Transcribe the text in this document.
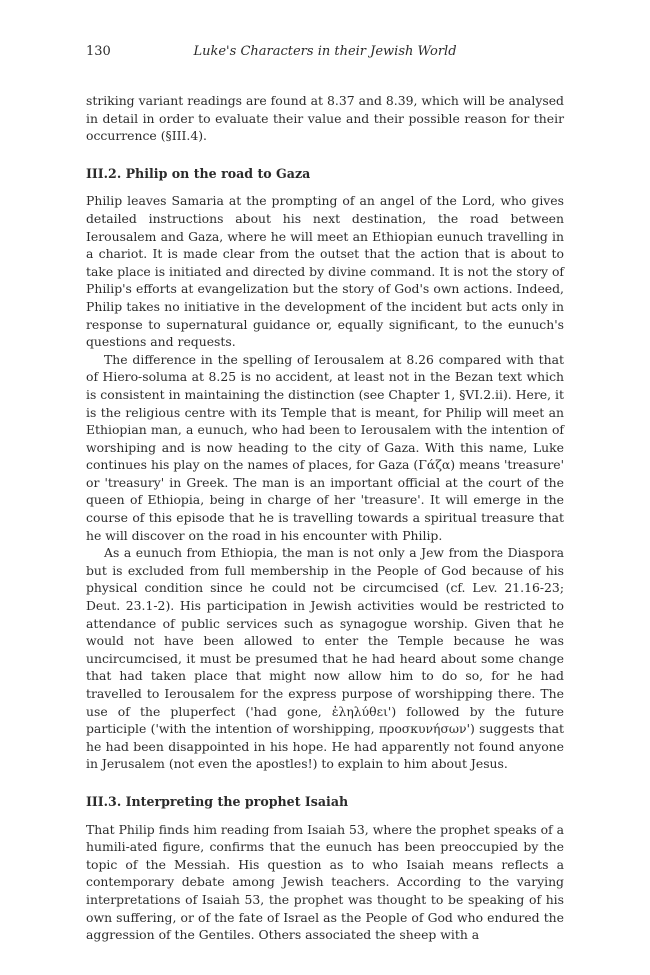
130	Luke's Characters in their Jewish World

striking variant readings are found at 8.37 and 8.39, which will be analysed in detail in order to evaluate their value and their possible reason for their occurrence (§III.4).

III.2. Philip on the road to Gaza

Philip leaves Samaria at the prompting of an angel of the Lord, who gives detailed instructions about his next destination, the road between Ierousalem and Gaza, where he will meet an Ethiopian eunuch travelling in a chariot. It is made clear from the outset that the action that is about to take place is initiated and directed by divine command. It is not the story of Philip's efforts at evangelization but the story of God's own actions. Indeed, Philip takes no initiative in the development of the incident but acts only in response to supernatural guidance or, equally significant, to the eunuch's questions and requests.

The difference in the spelling of Ierousalem at 8.26 compared with that of Hiero-soluma at 8.25 is no accident, at least not in the Bezan text which is consistent in maintaining the distinction (see Chapter 1, §VI.2.ii). Here, it is the religious centre with its Temple that is meant, for Philip will meet an Ethiopian man, a eunuch, who had been to Ierousalem with the intention of worshiping and is now heading to the city of Gaza. With this name, Luke continues his play on the names of places, for Gaza (Γάζα) means 'treasure' or 'treasury' in Greek. The man is an important official at the court of the queen of Ethiopia, being in charge of her 'treasure'. It will emerge in the course of this episode that he is travelling towards a spiritual treasure that he will discover on the road in his encounter with Philip.

As a eunuch from Ethiopia, the man is not only a Jew from the Diaspora but is excluded from full membership in the People of God because of his physical condition since he could not be circumcised (cf. Lev. 21.16-23; Deut. 23.1-2). His participation in Jewish activities would be restricted to attendance of public services such as synagogue worship. Given that he would not have been allowed to enter the Temple because he was uncircumcised, it must be presumed that he had heard about some change that had taken place that might now allow him to do so, for he had travelled to Ierousalem for the express purpose of worshipping there. The use of the pluperfect ('had gone, ἐληλύθει') followed by the future participle ('with the intention of worshipping, προσκυνήσων') suggests that he had been disappointed in his hope. He had apparently not found anyone in Jerusalem (not even the apostles!) to explain to him about Jesus.

III.3. Interpreting the prophet Isaiah

That Philip finds him reading from Isaiah 53, where the prophet speaks of a humili-ated figure, confirms that the eunuch has been preoccupied by the topic of the Messiah. His question as to who Isaiah means reflects a contemporary debate among Jewish teachers. According to the varying interpretations of Isaiah 53, the prophet was thought to be speaking of his own suffering, or of the fate of Israel as the People of God who endured the aggression of the Gentiles. Others associated the sheep with a
